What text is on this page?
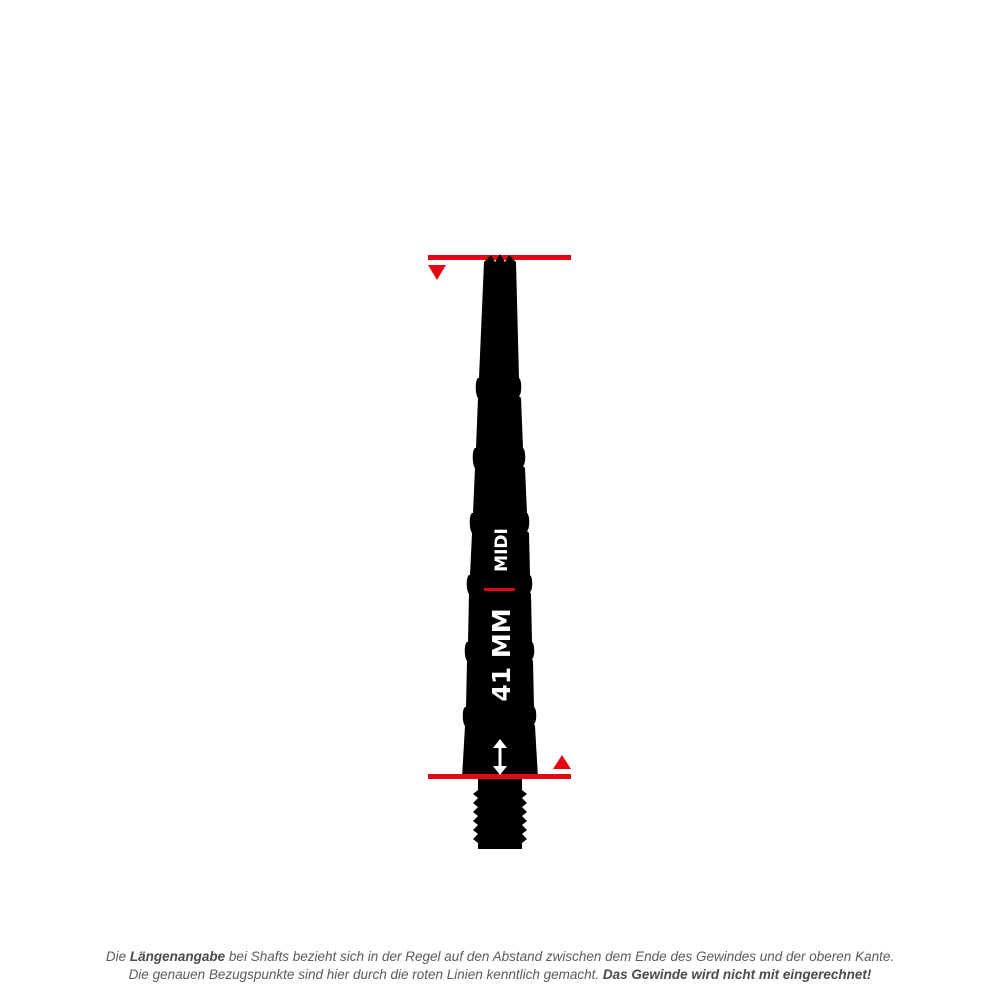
MIDI
41 MM
Die Längenangabe bei Shafts bezieht sich in der Regel auf den Abstand zwischen dem Ende des Gewindes und der oberen Kante.
Die genauen Bezugspunkte sind hier durch die roten Linien kenntlich gemacht. Das Gewinde wird nicht mit eingerechnet!
